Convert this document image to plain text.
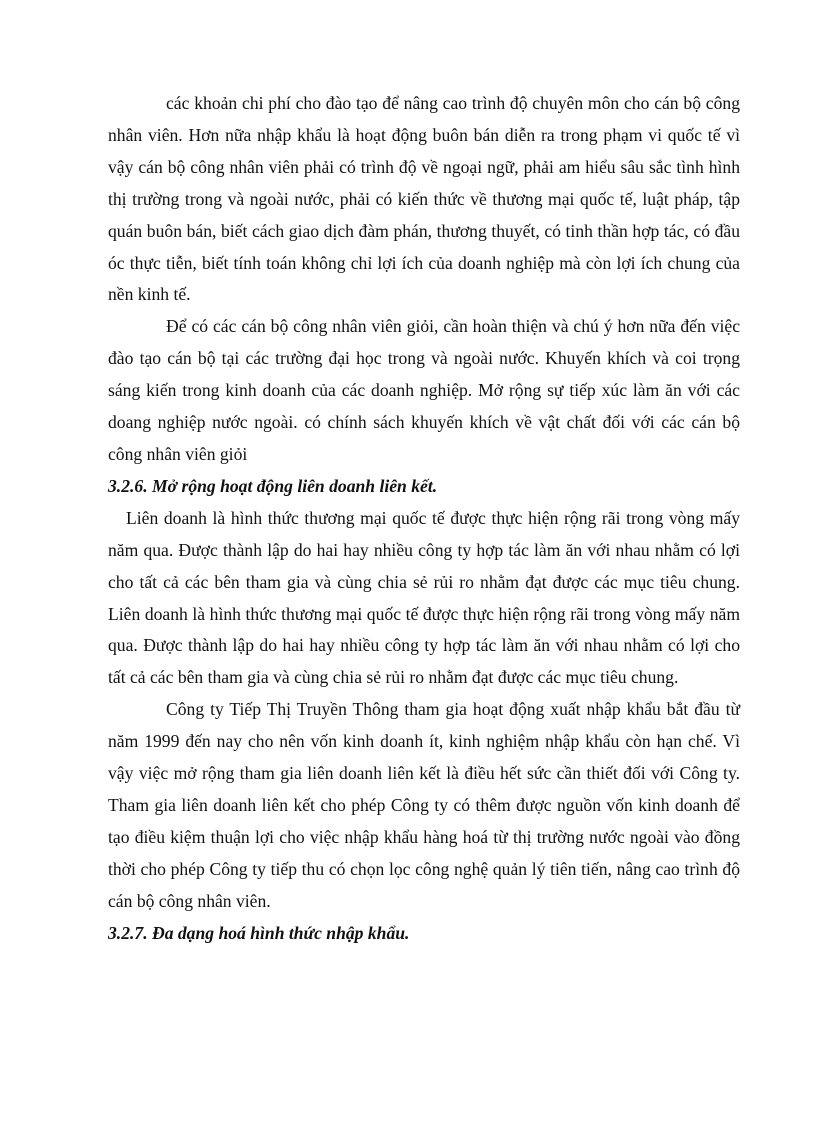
các khoản chi phí cho đào tạo để nâng cao trình độ chuyên môn cho cán bộ công nhân viên. Hơn nữa nhập khẩu là hoạt động buôn bán diễn ra trong phạm vi quốc tế vì vậy cán bộ công nhân viên phải có trình độ về ngoại ngữ, phải am hiểu sâu sắc tình hình thị trường trong và ngoài nước, phải có kiến thức về thương mại quốc tế, luật pháp, tập quán buôn bán, biết cách giao dịch đàm phán, thương thuyết, có tinh thần hợp tác, có đầu óc thực tiễn, biết tính toán không chỉ lợi ích của doanh nghiệp mà còn lợi ích chung của nền kinh tế.

Để có các cán bộ công nhân viên giỏi, cần hoàn thiện và chú ý hơn nữa đến việc đào tạo cán bộ tại các trường đại học trong và ngoài nước. Khuyến khích và coi trọng sáng kiến trong kinh doanh của các doanh nghiệp. Mở rộng sự tiếp xúc làm ăn với các doang nghiệp nước ngoài. có chính sách khuyến khích về vật chất đối với các cán bộ công nhân viên giỏi

3.2.6. Mở rộng hoạt động liên doanh liên kết.

Liên doanh là hình thức thương mại quốc tế được thực hiện rộng rãi trong vòng mấy năm qua. Được thành lập do hai hay nhiều công ty hợp tác làm ăn với nhau nhằm có lợi cho tất cả các bên tham gia và cùng chia sẻ rủi ro nhằm đạt được các mục tiêu chung. Liên doanh là hình thức thương mại quốc tế được thực hiện rộng rãi trong vòng mấy năm qua. Được thành lập do hai hay nhiều công ty hợp tác làm ăn với nhau nhằm có lợi cho tất cả các bên tham gia và cùng chia sẻ rủi ro nhằm đạt được các mục tiêu chung.

Công ty Tiếp Thị Truyền Thông tham gia hoạt động xuất nhập khẩu bắt đầu từ năm 1999 đến nay cho nên vốn kinh doanh ít, kinh nghiệm nhập khẩu còn hạn chế. Vì vậy việc mở rộng tham gia liên doanh liên kết là điều hết sức cần thiết đối với Công ty. Tham gia liên doanh liên kết cho phép Công ty có thêm được nguồn vốn kinh doanh để tạo điều kiệm thuận lợi cho việc nhập khẩu hàng hoá từ thị trường nước ngoài vào đồng thời cho phép Công ty tiếp thu có chọn lọc công nghệ quản lý tiên tiến, nâng cao trình độ cán bộ công nhân viên.

3.2.7. Đa dạng hoá hình thức nhập khẩu.
